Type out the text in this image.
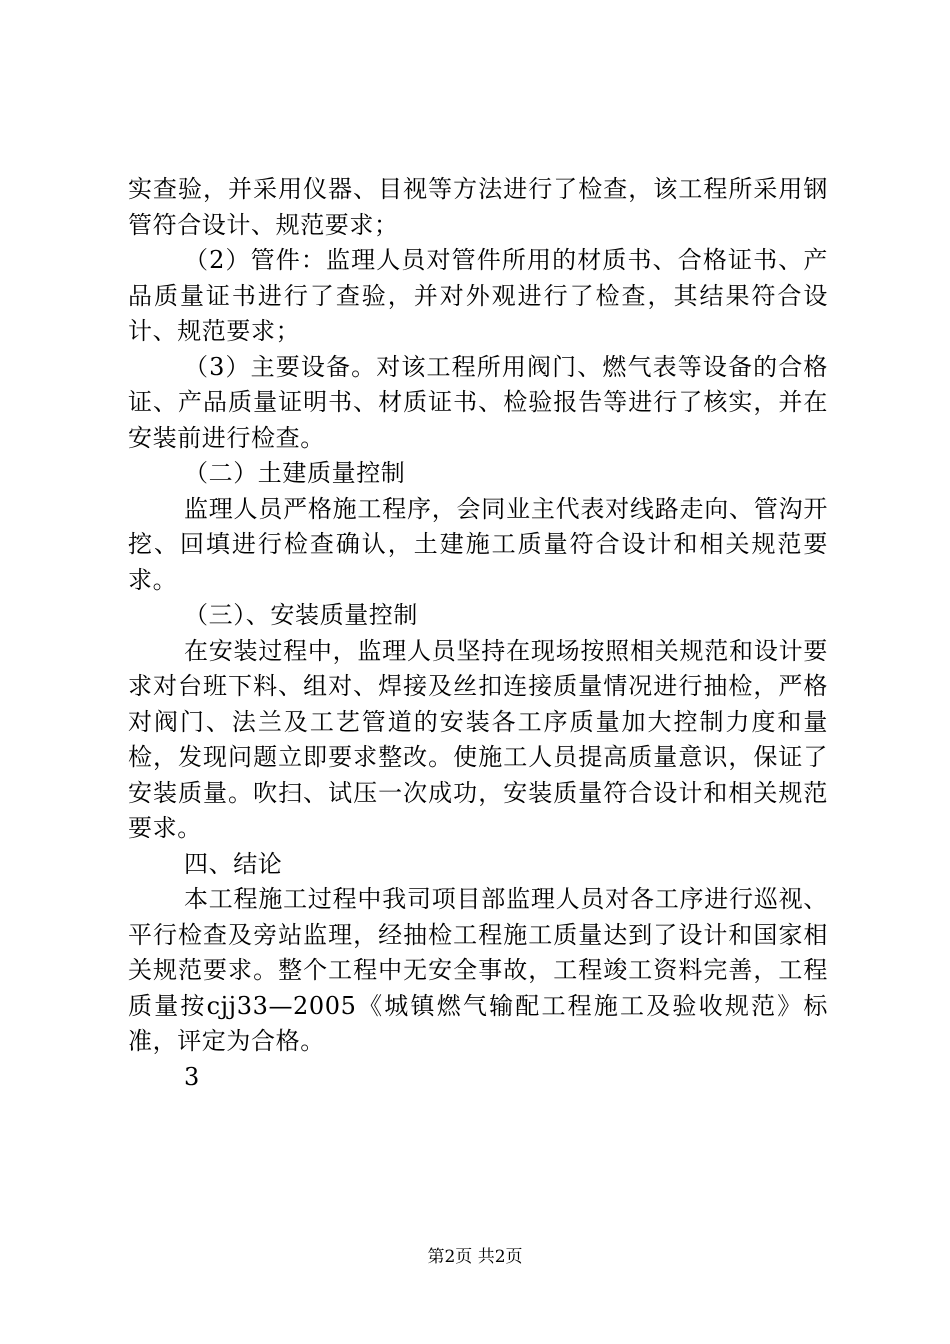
实查验，并采用仪器、目视等方法进行了检查，该工程所采用钢管符合设计、规范要求；

（2）管件：监理人员对管件所用的材质书、合格证书、产品质量证书进行了查验，并对外观进行了检查，其结果符合设计、规范要求；

（3）主要设备。对该工程所用阀门、燃气表等设备的合格证、产品质量证明书、材质证书、检验报告等进行了核实，并在安装前进行检查。

（二）土建质量控制

监理人员严格施工程序，会同业主代表对线路走向、管沟开挖、回填进行检查确认，土建施工质量符合设计和相关规范要求。

（三）、安装质量控制

在安装过程中，监理人员坚持在现场按照相关规范和设计要求对台班下料、组对、焊接及丝扣连接质量情况进行抽检，严格对阀门、法兰及工艺管道的安装各工序质量加大控制力度和量检，发现问题立即要求整改。使施工人员提高质量意识，保证了安装质量。吹扫、试压一次成功，安装质量符合设计和相关规范要求。

四、结论

本工程施工过程中我司项目部监理人员对各工序进行巡视、平行检查及旁站监理，经抽检工程施工质量达到了设计和国家相关规范要求。整个工程中无安全事故，工程竣工资料完善，工程质量按cjj33—2005《城镇燃气输配工程施工及验收规范》标准，评定为合格。

3

第2页 共2页
